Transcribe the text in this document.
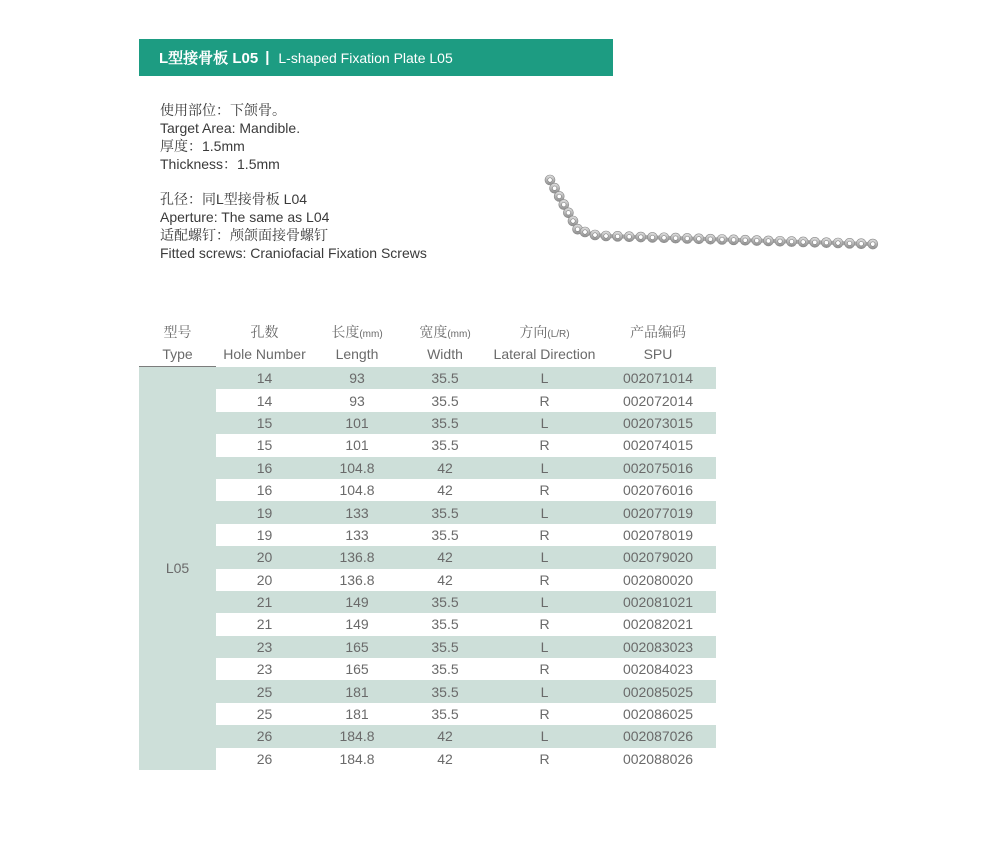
L型接骨板 L05 | L-shaped Fixation Plate L05
使用部位：下颌骨。
Target Area: Mandible.
厚度：1.5mm
Thickness：1.5mm
孔径：同L型接骨板 L04
Aperture: The same as L04
适配螺钉：颅颌面接骨螺钉
Fitted screws: Craniofacial Fixation Screws
型号	孔数	长度(mm)	宽度(mm)	方向(L/R)	产品编码
Type	Hole Number	Length	Width	Lateral Direction	SPU
L05	14	93	35.5	L	002071014
	14	93	35.5	R	002072014
	15	101	35.5	L	002073015
	15	101	35.5	R	002074015
	16	104.8	42	L	002075016
	16	104.8	42	R	002076016
	19	133	35.5	L	002077019
	19	133	35.5	R	002078019
	20	136.8	42	L	002079020
	20	136.8	42	R	002080020
	21	149	35.5	L	002081021
	21	149	35.5	R	002082021
	23	165	35.5	L	002083023
	23	165	35.5	R	002084023
	25	181	35.5	L	002085025
	25	181	35.5	R	002086025
	26	184.8	42	L	002087026
	26	184.8	42	R	002088026
